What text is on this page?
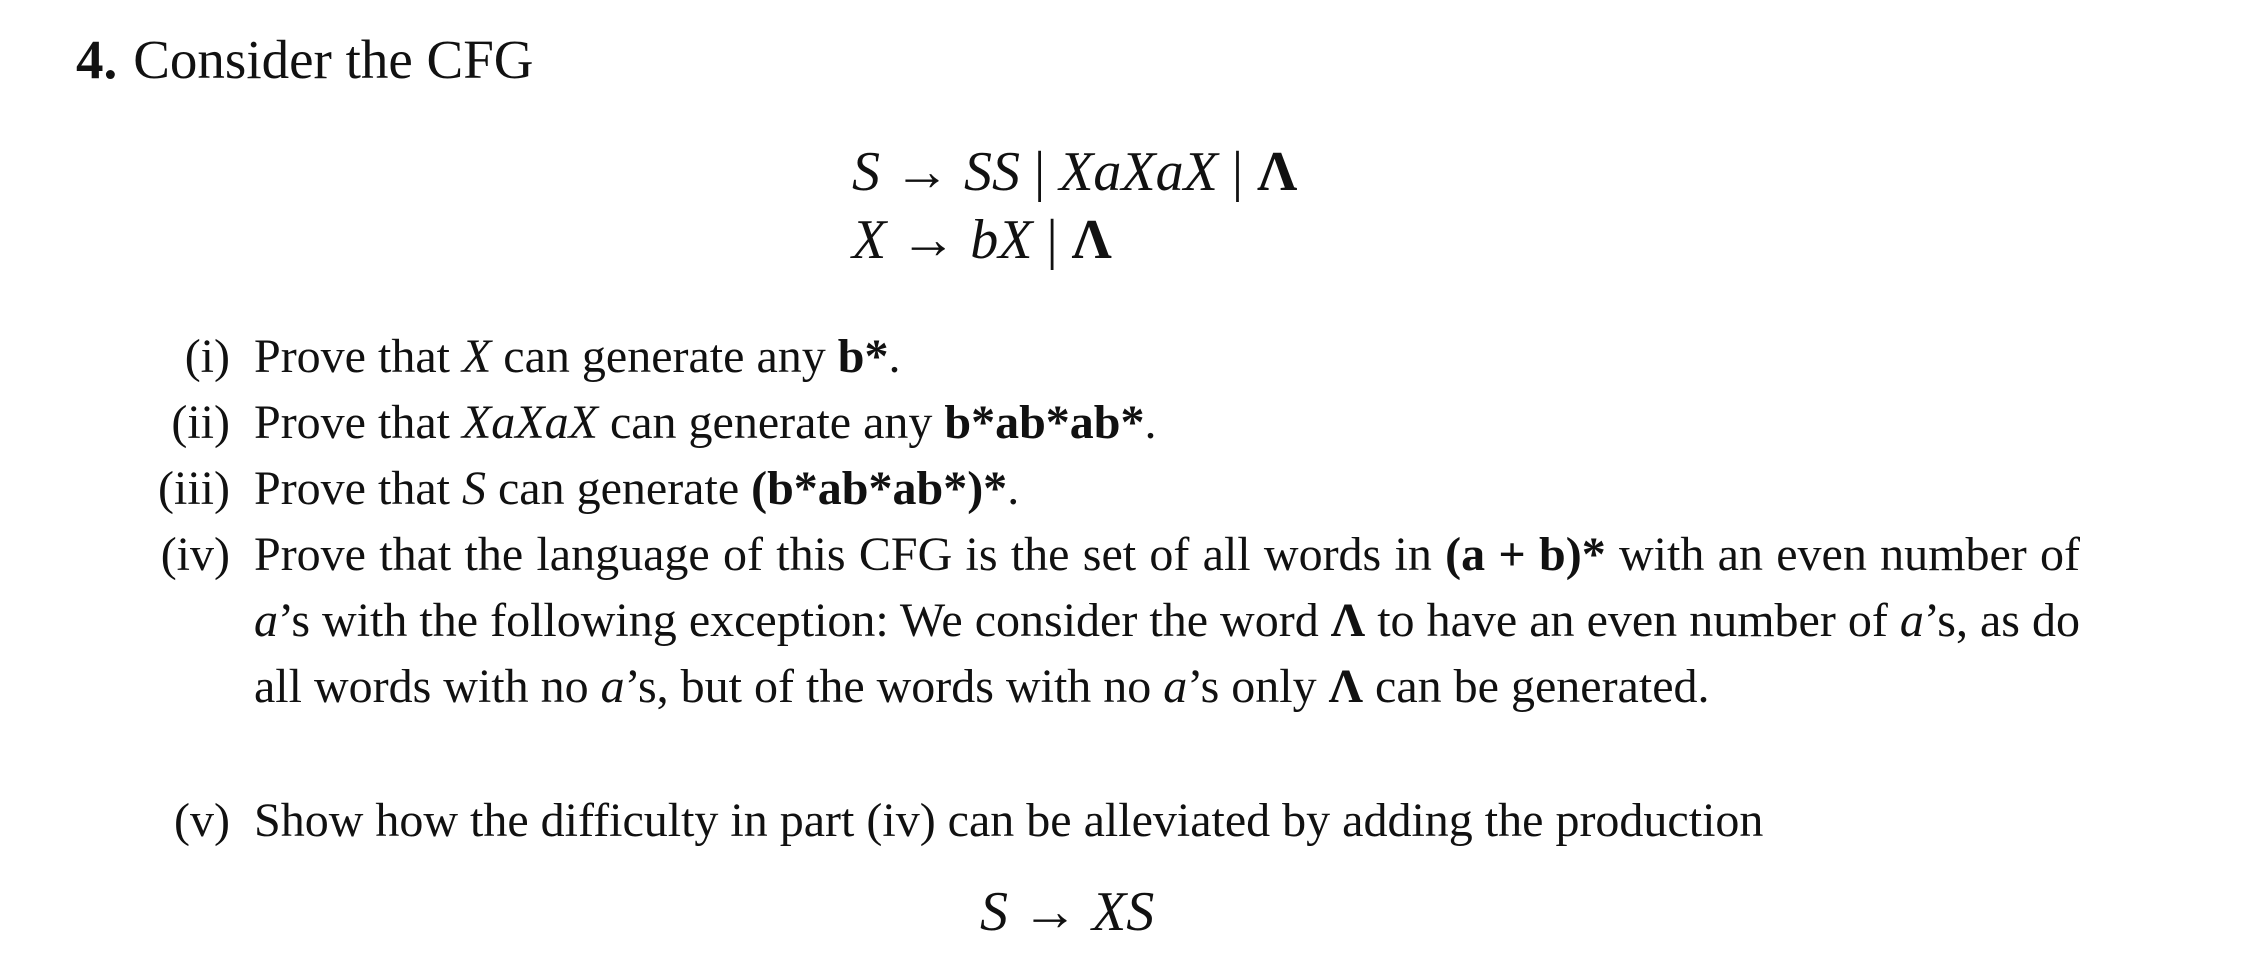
4. Consider the CFG
S → SS | XaXaX | Λ
X → bX | Λ
(i) Prove that X can generate any b*.
(ii) Prove that XaXaX can generate any b*ab*ab*.
(iii) Prove that S can generate (b*ab*ab*)*.
(iv) Prove that the language of this CFG is the set of all words in (a + b)* with an even number of a’s with the following exception: We consider the word Λ to have an even number of a’s, as do all words with no a’s, but of the words with no a’s only Λ can be generated.
(v) Show how the difficulty in part (iv) can be alleviated by adding the production
S → XS
